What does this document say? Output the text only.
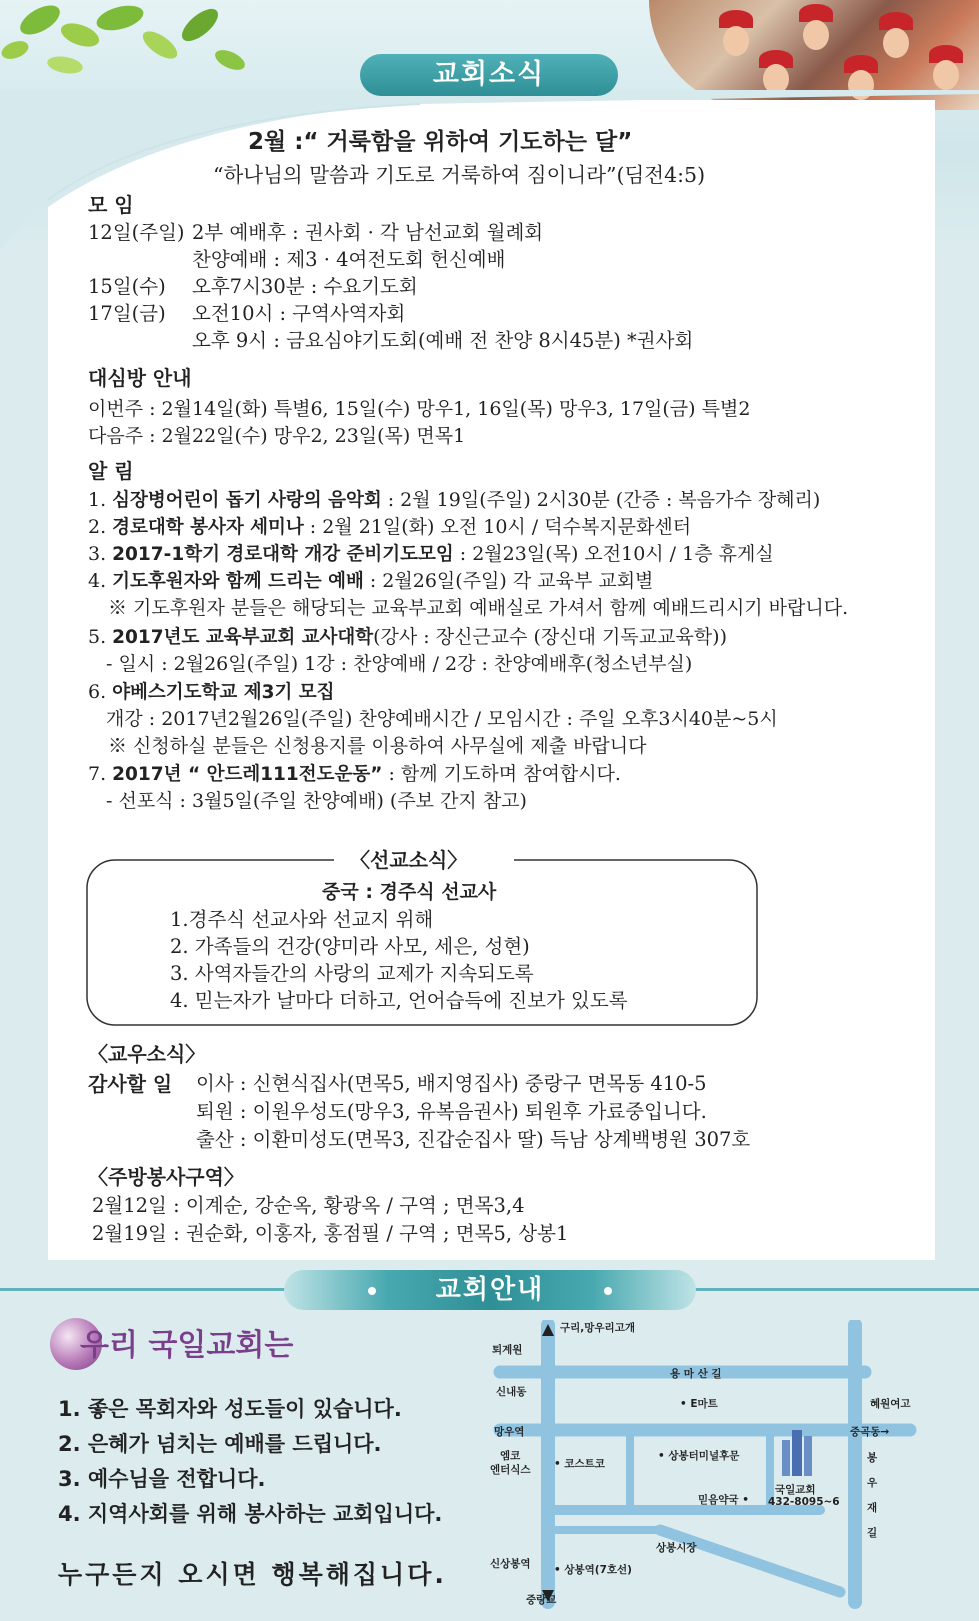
교회소식
2월 :“ 거룩함을 위하여 기도하는 달”
“하나님의 말씀과 기도로 거룩하여 짐이니라”(딤전4:5)
모 임
12일(주일) 2부 예배후 : 권사회 · 각 남선교회 월례회
찬양예배 : 제3 · 4여전도회 헌신예배
15일(수) 오후7시30분 : 수요기도회
17일(금) 오전10시 : 구역사역자회
오후 9시 : 금요심야기도회(예배 전 찬양 8시45분) *권사회
대심방 안내
이번주 : 2월14일(화) 특별6, 15일(수) 망우1, 16일(목) 망우3, 17일(금) 특별2
다음주 : 2월22일(수) 망우2, 23일(목) 면목1
알 림
1. 심장병어린이 돕기 사랑의 음악회 : 2월 19일(주일) 2시30분 (간증 : 복음가수 장혜리)
2. 경로대학 봉사자 세미나 : 2월 21일(화) 오전 10시 / 덕수복지문화센터
3. 2017-1학기 경로대학 개강 준비기도모임 : 2월23일(목) 오전10시 / 1층 휴게실
4. 기도후원자와 함께 드리는 예배 : 2월26일(주일) 각 교육부 교회별
※ 기도후원자 분들은 해당되는 교육부교회 예배실로 가셔서 함께 예배드리시기 바랍니다.
5. 2017년도 교육부교회 교사대학(강사 : 장신근교수 (장신대 기독교교육학))
- 일시 : 2월26일(주일) 1강 : 찬양예배 / 2강 : 찬양예배후(청소년부실)
6. 야베스기도학교 제3기 모집
개강 : 2017년2월26일(주일) 찬양예배시간 / 모임시간 : 주일 오후3시40분~5시
※ 신청하실 분들은 신청용지를 이용하여 사무실에 제출 바랍니다
7. 2017년 “ 안드레111전도운동” : 함께 기도하며 참여합시다.
- 선포식 : 3월5일(주일 찬양예배) (주보 간지 참고)
〈선교소식〉
중국 : 경주식 선교사
1.경주식 선교사와 선교지 위해
2. 가족들의 건강(양미라 사모, 세은, 성현)
3. 사역자들간의 사랑의 교제가 지속되도록
4. 믿는자가 날마다 더하고, 언어습득에 진보가 있도록
〈교우소식〉
감사할 일 이사 : 신현식집사(면목5, 배지영집사) 중랑구 면목동 410-5
퇴원 : 이원우성도(망우3, 유복음권사) 퇴원후 가료중입니다.
출산 : 이환미성도(면목3, 진갑순집사 딸) 득남 상계백병원 307호
〈주방봉사구역〉
2월12일 : 이계순, 강순옥, 황광옥 / 구역 ; 면목3,4
2월19일 : 권순화, 이홍자, 홍점필 / 구역 ; 면목5, 상봉1
교회안내
우리 국일교회는
1. 좋은 목회자와 성도들이 있습니다.
2. 은혜가 넘치는 예배를 드립니다.
3. 예수님을 전합니다.
4. 지역사회를 위해 봉사하는 교회입니다.
누구든지 오시면 행복해집니다.
구리,망우리고개
퇴계원
용 마 산 길
신내동
• E마트	혜원여고
망우역	중곡동→
엠코
엔터식스 • 코스트코
• 상봉터미널후문
국일교회
432-8095~6
봉
우
재
길
믿음약국 •
상봉시장
신상봉역 • 상봉역(7호선)
중랑교
